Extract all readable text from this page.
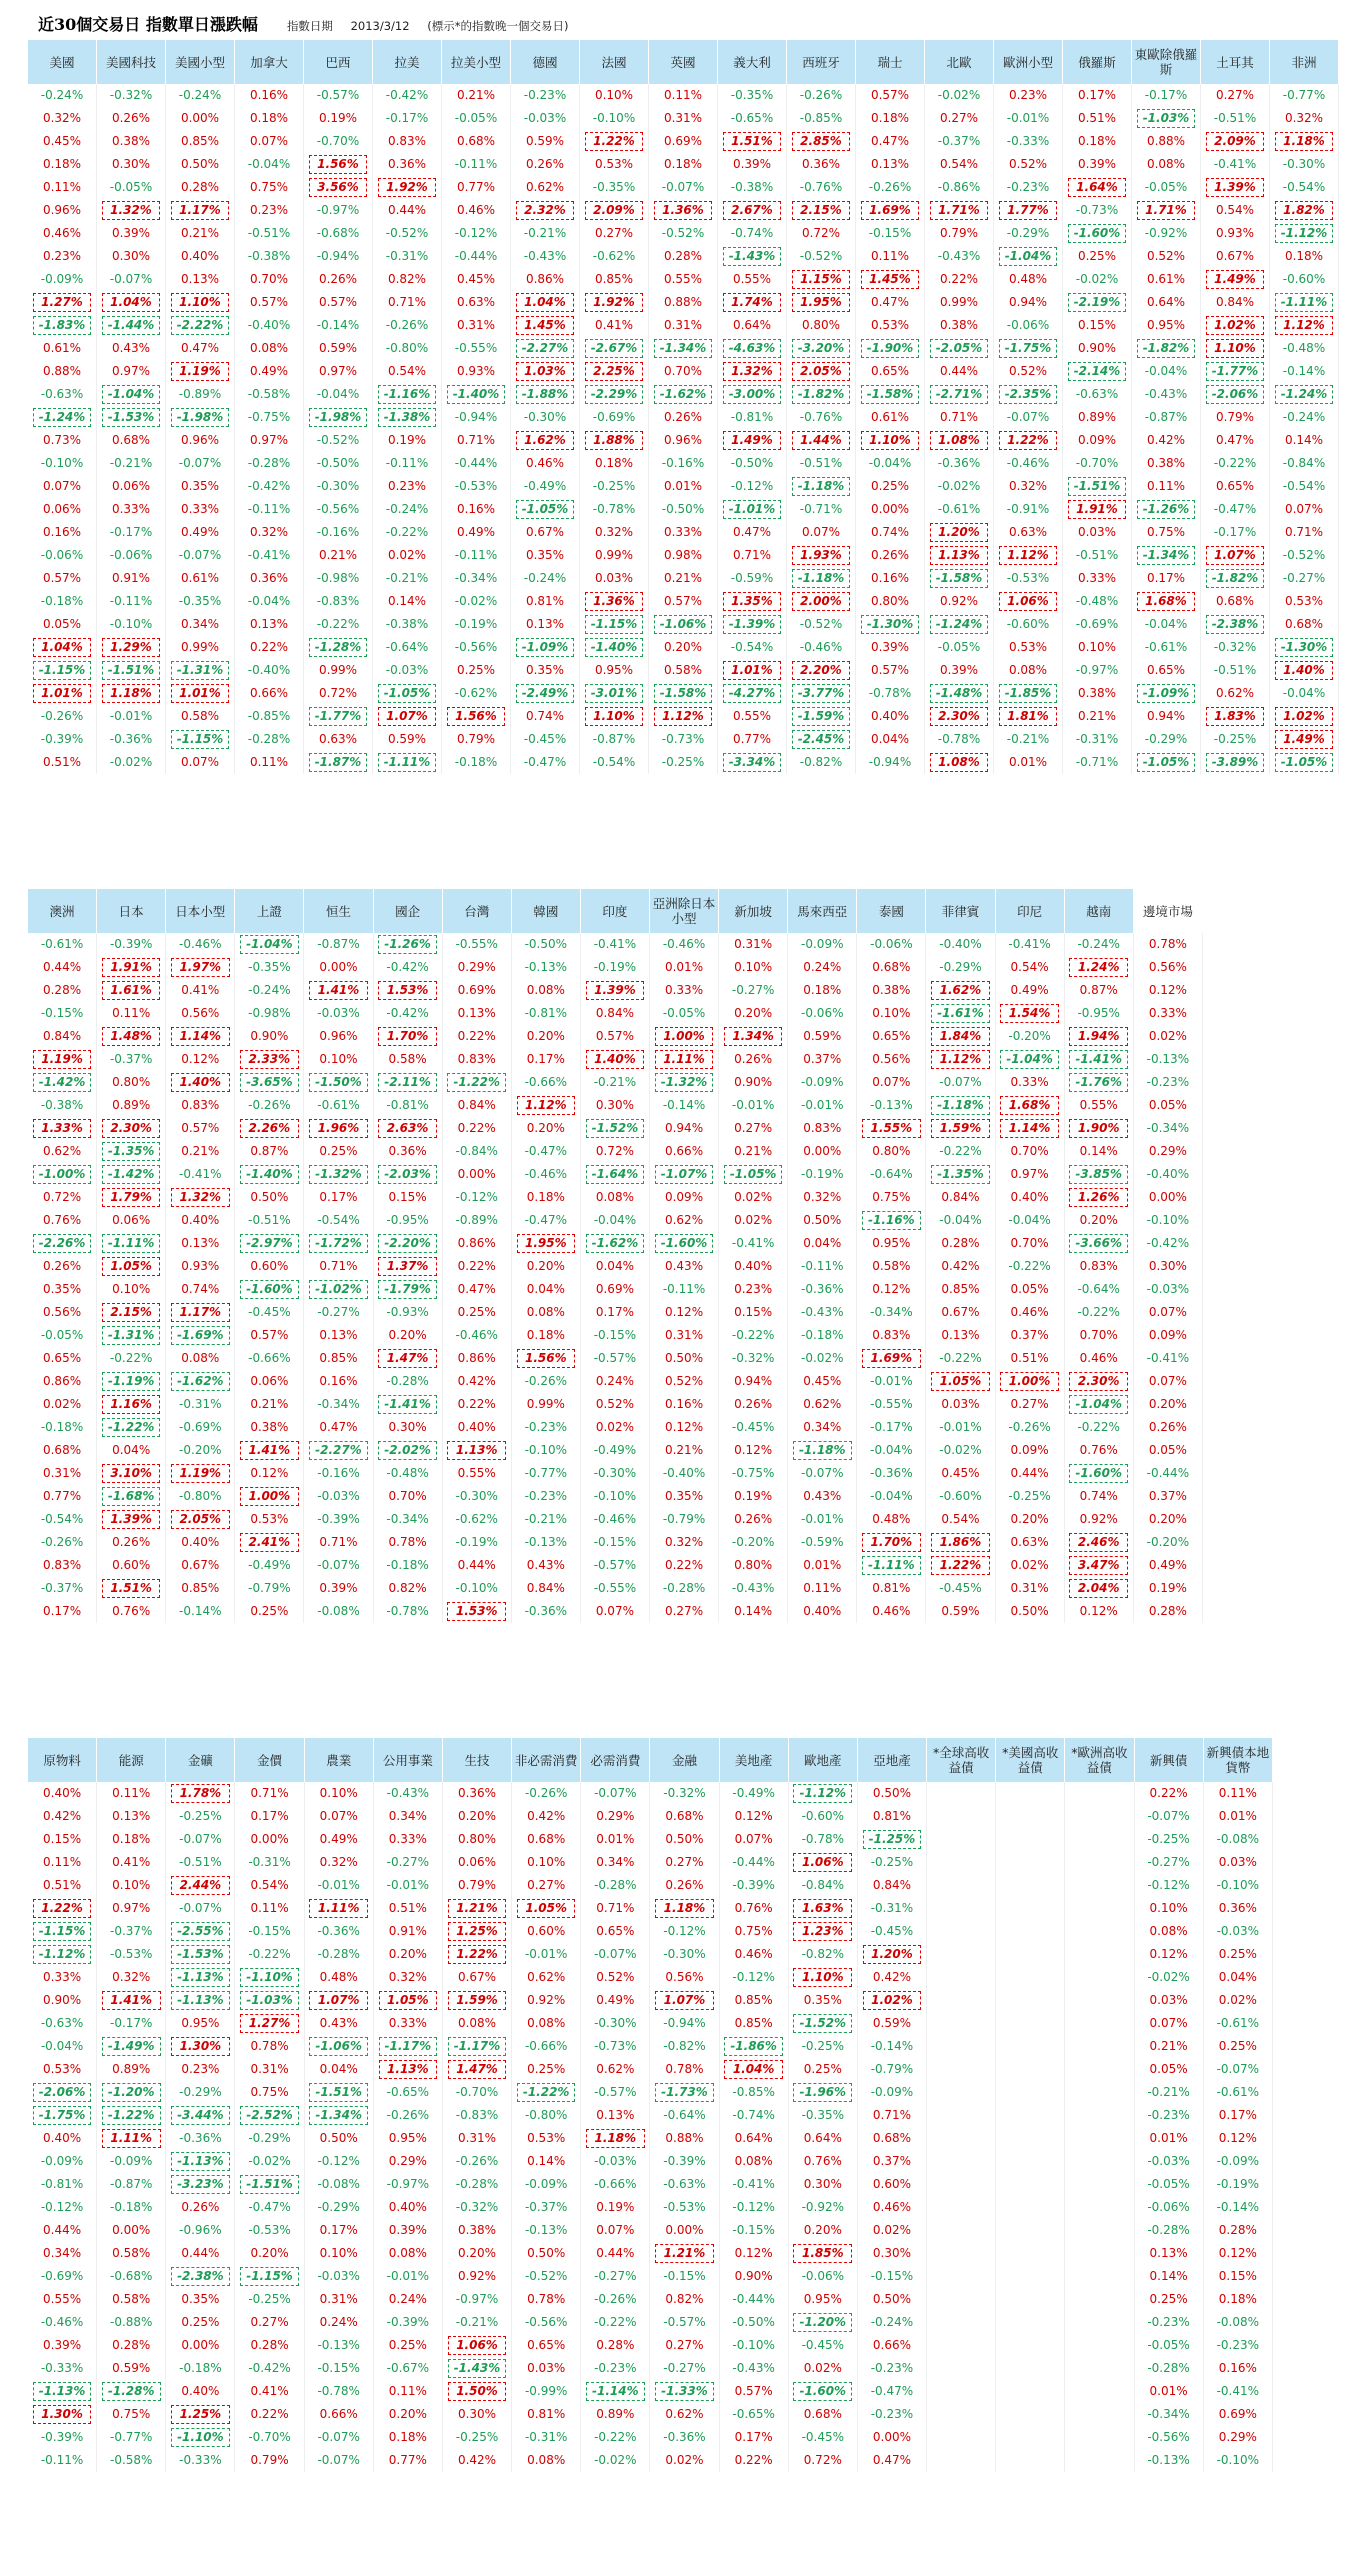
近30個交易日 指數單日漲跌幅	指數日期 2013/3/12 (標示*的指數晚一個交易日)
美國	美國科技	美國小型	加拿大	巴西	拉美	拉美小型	德國	法國	英國	義大利	西班牙	瑞士	北歐	歐洲小型	俄羅斯	東歐除俄羅斯	土耳其	非洲
-0.24%	-0.32%	-0.24%	0.16%	-0.57%	-0.42%	0.21%	-0.23%	0.10%	0.11%	-0.35%	-0.26%	0.57%	-0.02%	0.23%	0.17%	-0.17%	0.27%	-0.77%
0.32%	0.26%	0.00%	0.18%	0.19%	-0.17%	-0.05%	-0.03%	-0.10%	0.31%	-0.65%	-0.85%	0.18%	0.27%	-0.01%	0.51%	-1.03%	-0.51%	0.32%
0.45%	0.38%	0.85%	0.07%	-0.70%	0.83%	0.68%	0.59%	1.22%	0.69%	1.51%	2.85%	0.47%	-0.37%	-0.33%	0.18%	0.88%	2.09%	1.18%
0.18%	0.30%	0.50%	-0.04%	1.56%	0.36%	-0.11%	0.26%	0.53%	0.18%	0.39%	0.36%	0.13%	0.54%	0.52%	0.39%	0.08%	-0.41%	-0.30%
0.11%	-0.05%	0.28%	0.75%	3.56%	1.92%	0.77%	0.62%	-0.35%	-0.07%	-0.38%	-0.76%	-0.26%	-0.86%	-0.23%	1.64%	-0.05%	1.39%	-0.54%
0.96%	1.32%	1.17%	0.23%	-0.97%	0.44%	0.46%	2.32%	2.09%	1.36%	2.67%	2.15%	1.69%	1.71%	1.77%	-0.73%	1.71%	0.54%	1.82%
0.46%	0.39%	0.21%	-0.51%	-0.68%	-0.52%	-0.12%	-0.21%	0.27%	-0.52%	-0.74%	0.72%	-0.15%	0.79%	-0.29%	-1.60%	-0.92%	0.93%	-1.12%
0.23%	0.30%	0.40%	-0.38%	-0.94%	-0.31%	-0.44%	-0.43%	-0.62%	0.28%	-1.43%	-0.52%	0.11%	-0.43%	-1.04%	0.25%	0.52%	0.67%	0.18%
-0.09%	-0.07%	0.13%	0.70%	0.26%	0.82%	0.45%	0.86%	0.85%	0.55%	0.55%	1.15%	1.45%	0.22%	0.48%	-0.02%	0.61%	1.49%	-0.60%
1.27%	1.04%	1.10%	0.57%	0.57%	0.71%	0.63%	1.04%	1.92%	0.88%	1.74%	1.95%	0.47%	0.99%	0.94%	-2.19%	0.64%	0.84%	-1.11%
-1.83%	-1.44%	-2.22%	-0.40%	-0.14%	-0.26%	0.31%	1.45%	0.41%	0.31%	0.64%	0.80%	0.53%	0.38%	-0.06%	0.15%	0.95%	1.02%	1.12%
0.61%	0.43%	0.47%	0.08%	0.59%	-0.80%	-0.55%	-2.27%	-2.67%	-1.34%	-4.63%	-3.20%	-1.90%	-2.05%	-1.75%	0.90%	-1.82%	1.10%	-0.48%
0.88%	0.97%	1.19%	0.49%	0.97%	0.54%	0.93%	1.03%	2.25%	0.70%	1.32%	2.05%	0.65%	0.44%	0.52%	-2.14%	-0.04%	-1.77%	-0.14%
-0.63%	-1.04%	-0.89%	-0.58%	-0.04%	-1.16%	-1.40%	-1.88%	-2.29%	-1.62%	-3.00%	-1.82%	-1.58%	-2.71%	-2.35%	-0.63%	-0.43%	-2.06%	-1.24%
-1.24%	-1.53%	-1.98%	-0.75%	-1.98%	-1.38%	-0.94%	-0.30%	-0.69%	0.26%	-0.81%	-0.76%	0.61%	0.71%	-0.07%	0.89%	-0.87%	0.79%	-0.24%
0.73%	0.68%	0.96%	0.97%	-0.52%	0.19%	0.71%	1.62%	1.88%	0.96%	1.49%	1.44%	1.10%	1.08%	1.22%	0.09%	0.42%	0.47%	0.14%
-0.10%	-0.21%	-0.07%	-0.28%	-0.50%	-0.11%	-0.44%	0.46%	0.18%	-0.16%	-0.50%	-0.51%	-0.04%	-0.36%	-0.46%	-0.70%	0.38%	-0.22%	-0.84%
0.07%	0.06%	0.35%	-0.42%	-0.30%	0.23%	-0.53%	-0.49%	-0.25%	0.01%	-0.12%	-1.18%	0.25%	-0.02%	0.32%	-1.51%	0.11%	0.65%	-0.54%
0.06%	0.33%	0.33%	-0.11%	-0.56%	-0.24%	0.16%	-1.05%	-0.78%	-0.50%	-1.01%	-0.71%	0.00%	-0.61%	-0.91%	1.91%	-1.26%	-0.47%	0.07%
0.16%	-0.17%	0.49%	0.32%	-0.16%	-0.22%	0.49%	0.67%	0.32%	0.33%	0.47%	0.07%	0.74%	1.20%	0.63%	0.03%	0.75%	-0.17%	0.71%
-0.06%	-0.06%	-0.07%	-0.41%	0.21%	0.02%	-0.11%	0.35%	0.99%	0.98%	0.71%	1.93%	0.26%	1.13%	1.12%	-0.51%	-1.34%	1.07%	-0.52%
0.57%	0.91%	0.61%	0.36%	-0.98%	-0.21%	-0.34%	-0.24%	0.03%	0.21%	-0.59%	-1.18%	0.16%	-1.58%	-0.53%	0.33%	0.17%	-1.82%	-0.27%
-0.18%	-0.11%	-0.35%	-0.04%	-0.83%	0.14%	-0.02%	0.81%	1.36%	0.57%	1.35%	2.00%	0.80%	0.92%	1.06%	-0.48%	1.68%	0.68%	0.53%
0.05%	-0.10%	0.34%	0.13%	-0.22%	-0.38%	-0.19%	0.13%	-1.15%	-1.06%	-1.39%	-0.52%	-1.30%	-1.24%	-0.60%	-0.69%	-0.04%	-2.38%	0.68%
1.04%	1.29%	0.99%	0.22%	-1.28%	-0.64%	-0.56%	-1.09%	-1.40%	0.20%	-0.54%	-0.46%	0.39%	-0.05%	0.53%	0.10%	-0.61%	-0.32%	-1.30%
-1.15%	-1.51%	-1.31%	-0.40%	0.99%	-0.03%	0.25%	0.35%	0.95%	0.58%	1.01%	2.20%	0.57%	0.39%	0.08%	-0.97%	0.65%	-0.51%	1.40%
1.01%	1.18%	1.01%	0.66%	0.72%	-1.05%	-0.62%	-2.49%	-3.01%	-1.58%	-4.27%	-3.77%	-0.78%	-1.48%	-1.85%	0.38%	-1.09%	0.62%	-0.04%
-0.26%	-0.01%	0.58%	-0.85%	-1.77%	1.07%	1.56%	0.74%	1.10%	1.12%	0.55%	-1.59%	0.40%	2.30%	1.81%	0.21%	0.94%	1.83%	1.02%
-0.39%	-0.36%	-1.15%	-0.28%	0.63%	0.59%	0.79%	-0.45%	-0.87%	-0.73%	0.77%	-2.45%	0.04%	-0.78%	-0.21%	-0.31%	-0.29%	-0.25%	1.49%
0.51%	-0.02%	0.07%	0.11%	-1.87%	-1.11%	-0.18%	-0.47%	-0.54%	-0.25%	-3.34%	-0.82%	-0.94%	1.08%	0.01%	-0.71%	-1.05%	-3.89%	-1.05%
澳洲	日本	日本小型	上證	恒生	國企	台灣	韓國	印度	亞洲除日本小型	新加坡	馬來西亞	泰國	菲律賓	印尼	越南	邊境市場
-0.61%	-0.39%	-0.46%	-1.04%	-0.87%	-1.26%	-0.55%	-0.50%	-0.41%	-0.46%	0.31%	-0.09%	-0.06%	-0.40%	-0.41%	-0.24%	0.78%
0.44%	1.91%	1.97%	-0.35%	0.00%	-0.42%	0.29%	-0.13%	-0.19%	0.01%	0.10%	0.24%	0.68%	-0.29%	0.54%	1.24%	0.56%
0.28%	1.61%	0.41%	-0.24%	1.41%	1.53%	0.69%	0.08%	1.39%	0.33%	-0.27%	0.18%	0.38%	1.62%	0.49%	0.87%	0.12%
-0.15%	0.11%	0.56%	-0.98%	-0.03%	-0.42%	0.13%	-0.81%	0.84%	-0.05%	0.20%	-0.06%	0.10%	-1.61%	1.54%	-0.95%	0.33%
0.84%	1.48%	1.14%	0.90%	0.96%	1.70%	0.22%	0.20%	0.57%	1.00%	1.34%	0.59%	0.65%	1.84%	-0.20%	1.94%	0.02%
1.19%	-0.37%	0.12%	2.33%	0.10%	0.58%	0.83%	0.17%	1.40%	1.11%	0.26%	0.37%	0.56%	1.12%	-1.04%	-1.41%	-0.13%
-1.42%	0.80%	1.40%	-3.65%	-1.50%	-2.11%	-1.22%	-0.66%	-0.21%	-1.32%	0.90%	-0.09%	0.07%	-0.07%	0.33%	-1.76%	-0.23%
-0.38%	0.89%	0.83%	-0.26%	-0.61%	-0.81%	0.84%	1.12%	0.30%	-0.14%	-0.01%	-0.01%	-0.13%	-1.18%	1.68%	0.55%	0.05%
1.33%	2.30%	0.57%	2.26%	1.96%	2.63%	0.22%	0.20%	-1.52%	0.94%	0.27%	0.83%	1.55%	1.59%	1.14%	1.90%	-0.34%
0.62%	-1.35%	0.21%	0.87%	0.25%	0.36%	-0.84%	-0.47%	0.72%	0.66%	0.21%	0.00%	0.80%	-0.22%	0.70%	0.14%	0.29%
-1.00%	-1.42%	-0.41%	-1.40%	-1.32%	-2.03%	0.00%	-0.46%	-1.64%	-1.07%	-1.05%	-0.19%	-0.64%	-1.35%	0.97%	-3.85%	-0.40%
0.72%	1.79%	1.32%	0.50%	0.17%	0.15%	-0.12%	0.18%	0.08%	0.09%	0.02%	0.32%	0.75%	0.84%	0.40%	1.26%	0.00%
0.76%	0.06%	0.40%	-0.51%	-0.54%	-0.95%	-0.89%	-0.47%	-0.04%	0.62%	0.02%	0.50%	-1.16%	-0.04%	-0.04%	0.20%	-0.10%
-2.26%	-1.11%	0.13%	-2.97%	-1.72%	-2.20%	0.86%	1.95%	-1.62%	-1.60%	-0.41%	0.04%	0.95%	0.28%	0.70%	-3.66%	-0.42%
0.26%	1.05%	0.93%	0.60%	0.71%	1.37%	0.22%	0.20%	0.04%	0.43%	0.40%	-0.11%	0.58%	0.42%	-0.22%	0.83%	0.30%
0.35%	0.10%	0.74%	-1.60%	-1.02%	-1.79%	0.47%	0.04%	0.69%	-0.11%	0.23%	-0.36%	0.12%	0.85%	0.05%	-0.64%	-0.03%
0.56%	2.15%	1.17%	-0.45%	-0.27%	-0.93%	0.25%	0.08%	0.17%	0.12%	0.15%	-0.43%	-0.34%	0.67%	0.46%	-0.22%	0.07%
-0.05%	-1.31%	-1.69%	0.57%	0.13%	0.20%	-0.46%	0.18%	-0.15%	0.31%	-0.22%	-0.18%	0.83%	0.13%	0.37%	0.70%	0.09%
0.65%	-0.22%	0.08%	-0.66%	0.85%	1.47%	0.86%	1.56%	-0.57%	0.50%	-0.32%	-0.02%	1.69%	-0.22%	0.51%	0.46%	-0.41%
0.86%	-1.19%	-1.62%	0.06%	0.16%	-0.28%	0.42%	-0.26%	0.24%	0.52%	0.94%	0.45%	-0.01%	1.05%	1.00%	2.30%	0.07%
0.02%	1.16%	-0.31%	0.21%	-0.34%	-1.41%	0.22%	0.99%	0.52%	0.16%	0.26%	0.62%	-0.55%	0.03%	0.27%	-1.04%	0.20%
-0.18%	-1.22%	-0.69%	0.38%	0.47%	0.30%	0.40%	-0.23%	0.02%	0.12%	-0.45%	0.34%	-0.17%	-0.01%	-0.26%	-0.22%	0.26%
0.68%	0.04%	-0.20%	1.41%	-2.27%	-2.02%	1.13%	-0.10%	-0.49%	0.21%	0.12%	-1.18%	-0.04%	-0.02%	0.09%	0.76%	0.05%
0.31%	3.10%	1.19%	0.12%	-0.16%	-0.48%	0.55%	-0.77%	-0.30%	-0.40%	-0.75%	-0.07%	-0.36%	0.45%	0.44%	-1.60%	-0.44%
0.77%	-1.68%	-0.80%	1.00%	-0.03%	0.70%	-0.30%	-0.23%	-0.10%	0.35%	0.19%	0.43%	-0.04%	-0.60%	-0.25%	0.74%	0.37%
-0.54%	1.39%	2.05%	0.53%	-0.39%	-0.34%	-0.62%	-0.21%	-0.46%	-0.79%	0.26%	-0.01%	0.48%	0.54%	0.20%	0.92%	0.20%
-0.26%	0.26%	0.40%	2.41%	0.71%	0.78%	-0.19%	-0.13%	-0.15%	0.32%	-0.20%	-0.59%	1.70%	1.86%	0.63%	2.46%	-0.20%
0.83%	0.60%	0.67%	-0.49%	-0.07%	-0.18%	0.44%	0.43%	-0.57%	0.22%	0.80%	0.01%	-1.11%	1.22%	0.02%	3.47%	0.49%
-0.37%	1.51%	0.85%	-0.79%	0.39%	0.82%	-0.10%	0.84%	-0.55%	-0.28%	-0.43%	0.11%	0.81%	-0.45%	0.31%	2.04%	0.19%
0.17%	0.76%	-0.14%	0.25%	-0.08%	-0.78%	1.53%	-0.36%	0.07%	0.27%	0.14%	0.40%	0.46%	0.59%	0.50%	0.12%	0.28%
原物料	能源	金礦	金價	農業	公用事業	生技	非必需消費	必需消費	金融	美地產	歐地產	亞地產	*全球高收益債	*美國高收益債	*歐洲高收益債	新興債	新興債本地貨幣
0.40%	0.11%	1.78%	0.71%	0.10%	-0.43%	0.36%	-0.26%	-0.07%	-0.32%	-0.49%	-1.12%	0.50%				0.22%	0.11%
0.42%	0.13%	-0.25%	0.17%	0.07%	0.34%	0.20%	0.42%	0.29%	0.68%	0.12%	-0.60%	0.81%				-0.07%	0.01%
0.15%	0.18%	-0.07%	0.00%	0.49%	0.33%	0.80%	0.68%	0.01%	0.50%	0.07%	-0.78%	-1.25%				-0.25%	-0.08%
0.11%	0.41%	-0.51%	-0.31%	0.32%	-0.27%	0.06%	0.10%	0.34%	0.27%	-0.44%	1.06%	-0.25%				-0.27%	0.03%
0.51%	0.10%	2.44%	0.54%	-0.01%	-0.01%	0.79%	0.27%	-0.28%	0.26%	-0.39%	-0.84%	0.84%				-0.12%	-0.10%
1.22%	0.97%	-0.07%	0.11%	1.11%	0.51%	1.21%	1.05%	0.71%	1.18%	0.76%	1.63%	-0.31%				0.10%	0.36%
-1.15%	-0.37%	-2.55%	-0.15%	-0.36%	0.91%	1.25%	0.60%	0.65%	-0.12%	0.75%	1.23%	-0.45%				0.08%	-0.03%
-1.12%	-0.53%	-1.53%	-0.22%	-0.28%	0.20%	1.22%	-0.01%	-0.07%	-0.30%	0.46%	-0.82%	1.20%				0.12%	0.25%
0.33%	0.32%	-1.13%	-1.10%	0.48%	0.32%	0.67%	0.62%	0.52%	0.56%	-0.12%	1.10%	0.42%				-0.02%	0.04%
0.90%	1.41%	-1.13%	-1.03%	1.07%	1.05%	1.59%	0.92%	0.49%	1.07%	0.85%	0.35%	1.02%				0.03%	0.02%
-0.63%	-0.17%	0.95%	1.27%	0.43%	0.33%	0.08%	0.08%	-0.30%	-0.94%	0.85%	-1.52%	0.59%				0.07%	-0.61%
-0.04%	-1.49%	1.30%	0.78%	-1.06%	-1.17%	-1.17%	-0.66%	-0.73%	-0.82%	-1.86%	-0.25%	-0.14%				0.21%	0.25%
0.53%	0.89%	0.23%	0.31%	0.04%	1.13%	1.47%	0.25%	0.62%	0.78%	1.04%	0.25%	-0.79%				0.05%	-0.07%
-2.06%	-1.20%	-0.29%	0.75%	-1.51%	-0.65%	-0.70%	-1.22%	-0.57%	-1.73%	-0.85%	-1.96%	-0.09%				-0.21%	-0.61%
-1.75%	-1.22%	-3.44%	-2.52%	-1.34%	-0.26%	-0.83%	-0.80%	0.13%	-0.64%	-0.74%	-0.35%	0.71%				-0.23%	0.17%
0.40%	1.11%	-0.36%	-0.29%	0.50%	0.95%	0.31%	0.53%	1.18%	0.88%	0.64%	0.64%	0.68%				0.01%	0.12%
-0.09%	-0.09%	-1.13%	-0.02%	-0.12%	0.29%	-0.26%	0.14%	-0.03%	-0.39%	0.08%	0.76%	0.37%				-0.03%	-0.09%
-0.81%	-0.87%	-3.23%	-1.51%	-0.08%	-0.97%	-0.28%	-0.09%	-0.66%	-0.63%	-0.41%	0.30%	0.60%				-0.05%	-0.19%
-0.12%	-0.18%	0.26%	-0.47%	-0.29%	0.40%	-0.32%	-0.37%	0.19%	-0.53%	-0.12%	-0.92%	0.46%				-0.06%	-0.14%
0.44%	0.00%	-0.96%	-0.53%	0.17%	0.39%	0.38%	-0.13%	0.07%	0.00%	-0.15%	0.20%	0.02%				-0.28%	0.28%
0.34%	0.58%	0.44%	0.20%	0.10%	0.08%	0.20%	0.50%	0.44%	1.21%	0.12%	1.85%	0.30%				0.13%	0.12%
-0.69%	-0.68%	-2.38%	-1.15%	-0.03%	-0.01%	0.92%	-0.52%	-0.27%	-0.15%	0.90%	-0.06%	-0.15%				0.14%	0.15%
0.55%	0.58%	0.35%	-0.25%	0.31%	0.24%	-0.97%	0.78%	-0.26%	0.82%	-0.44%	0.95%	0.50%				0.25%	0.18%
-0.46%	-0.88%	0.25%	0.27%	0.24%	-0.39%	-0.21%	-0.56%	-0.22%	-0.57%	-0.50%	-1.20%	-0.24%				-0.23%	-0.08%
0.39%	0.28%	0.00%	0.28%	-0.13%	0.25%	1.06%	0.65%	0.28%	0.27%	-0.10%	-0.45%	0.66%				-0.05%	-0.23%
-0.33%	0.59%	-0.18%	-0.42%	-0.15%	-0.67%	-1.43%	0.03%	-0.23%	-0.27%	-0.43%	0.02%	-0.23%				-0.28%	0.16%
-1.13%	-1.28%	0.40%	0.41%	-0.78%	0.11%	1.50%	-0.99%	-1.14%	-1.33%	0.57%	-1.60%	-0.47%				0.01%	-0.41%
1.30%	0.75%	1.25%	0.22%	0.66%	0.20%	0.30%	0.81%	0.89%	0.62%	-0.65%	0.68%	-0.23%				-0.34%	0.69%
-0.39%	-0.77%	-1.10%	-0.70%	-0.07%	0.18%	-0.25%	-0.31%	-0.22%	-0.36%	0.17%	-0.45%	0.00%				-0.56%	0.29%
-0.11%	-0.58%	-0.33%	0.79%	-0.07%	0.77%	0.42%	0.08%	-0.02%	0.02%	0.22%	0.72%	0.47%				-0.13%	-0.10%
